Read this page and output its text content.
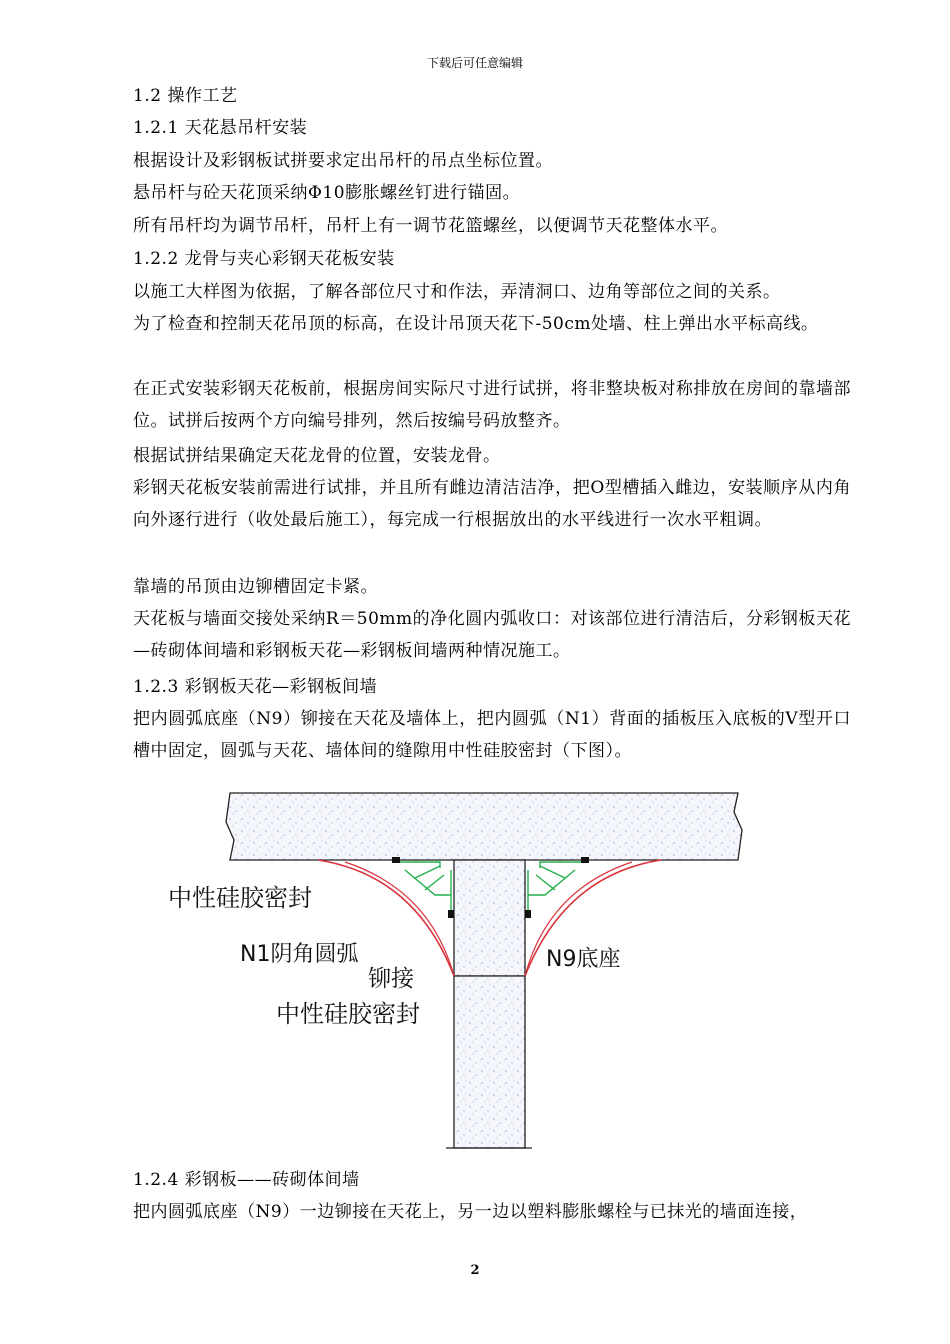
下载后可任意编辑
1.2 操作工艺
1.2.1 天花悬吊杆安装
根据设计及彩钢板试拼要求定出吊杆的吊点坐标位置。
悬吊杆与砼天花顶采纳Φ10膨胀螺丝钉进行锚固。
所有吊杆均为调节吊杆，吊杆上有一调节花篮螺丝，以便调节天花整体水平。
1.2.2 龙骨与夹心彩钢天花板安装
以施工大样图为依据，了解各部位尺寸和作法，弄清洞口、边角等部位之间的关系。
为了检查和控制天花吊顶的标高，在设计吊顶天花下-50cm处墙、柱上弹出水平标高线。
在正式安装彩钢天花板前，根据房间实际尺寸进行试拼，将非整块板对称排放在房间的靠墙部位。试拼后按两个方向编号排列，然后按编号码放整齐。
根据试拼结果确定天花龙骨的位置，安装龙骨。
彩钢天花板安装前需进行试排，并且所有雌边清洁洁净，把O型槽插入雌边，安装顺序从内角向外逐行进行（收处最后施工），每完成一行根据放出的水平线进行一次水平粗调。
靠墙的吊顶由边铆槽固定卡紧。
天花板与墙面交接处采纳R＝50mm的净化圆内弧收口：对该部位进行清洁后，分彩钢板天花—砖砌体间墙和彩钢板天花—彩钢板间墙两种情况施工。
1.2.3 彩钢板天花—彩钢板间墙
把内圆弧底座（N9）铆接在天花及墙体上，把内圆弧（N1）背面的插板压入底板的V型开口槽中固定，圆弧与天花、墙体间的缝隙用中性硅胶密封（下图）。
中性硅胶密封
N1阴角圆弧
铆接
N9底座
中性硅胶密封
1.2.4 彩钢板——砖砌体间墙
把内圆弧底座（N9）一边铆接在天花上，另一边以塑料膨胀螺栓与已抹光的墙面连接，
2
